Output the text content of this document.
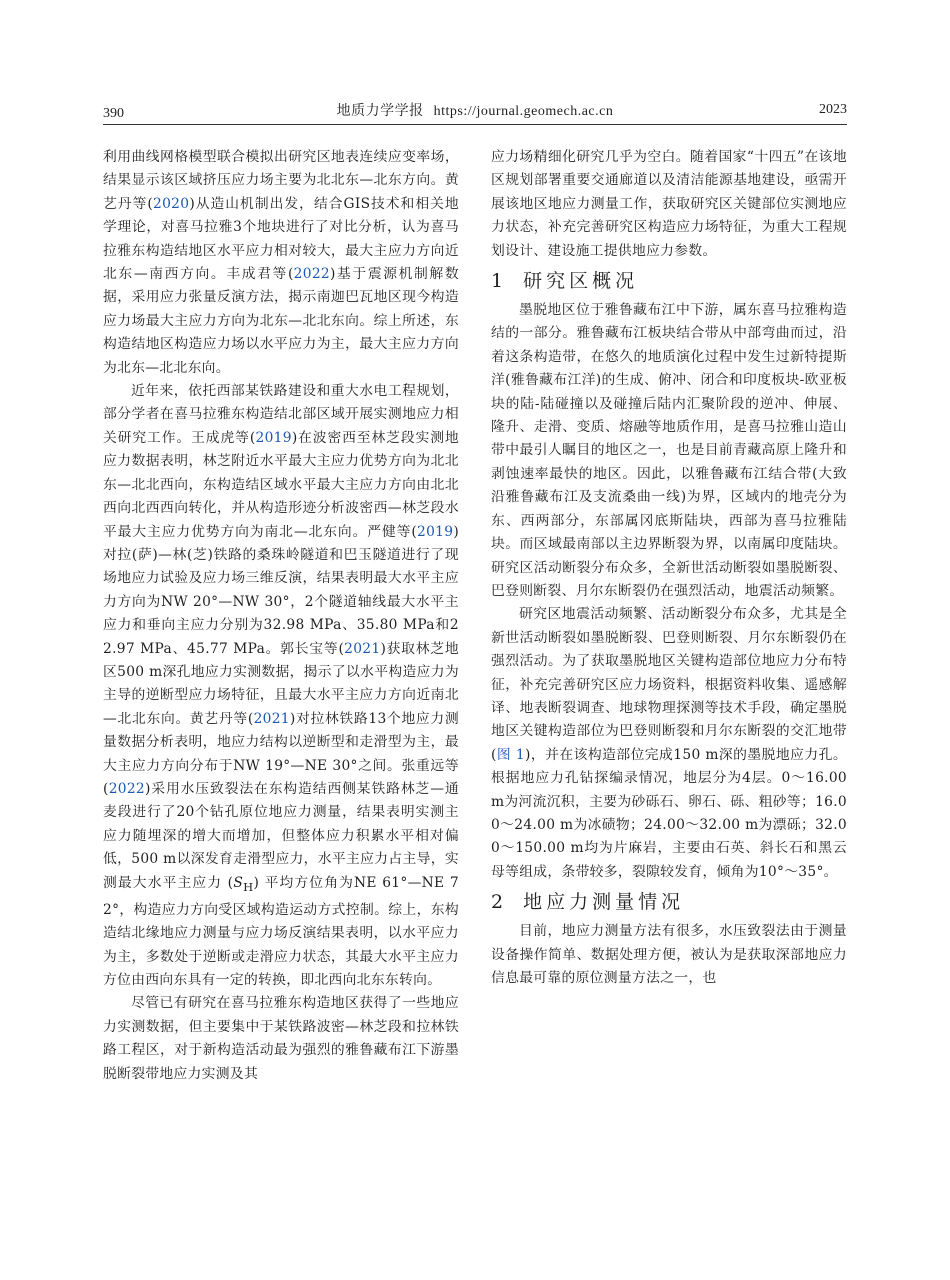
390	地质力学学报 https://journal.geomech.ac.cn	2023

利用曲线网格模型联合模拟出研究区地表连续应变率场，结果显示该区域挤压应力场主要为北北东—北东方向。黄艺丹等(2020)从造山机制出发，结合GIS技术和相关地学理论，对喜马拉雅3个地块进行了对比分析，认为喜马拉雅东构造结地区水平应力相对较大，最大主应力方向近北东—南西方向。丰成君等(2022)基于震源机制解数据，采用应力张量反演方法，揭示南迦巴瓦地区现今构造应力场最大主应力方向为北东—北北东向。综上所述，东构造结地区构造应力场以水平应力为主，最大主应力方向为北东—北北东向。

近年来，依托西部某铁路建设和重大水电工程规划，部分学者在喜马拉雅东构造结北部区域开展实测地应力相关研究工作。王成虎等(2019)在波密西至林芝段实测地应力数据表明，林芝附近水平最大主应力优势方向为北北东—北北西向，东构造结区域水平最大主应力方向由北北西向北西西向转化，并从构造形迹分析波密西—林芝段水平最大主应力优势方向为南北—北东向。严健等(2019)对拉(萨)—林(芝)铁路的桑珠岭隧道和巴玉隧道进行了现场地应力试验及应力场三维反演，结果表明最大水平主应力方向为NW 20°—NW 30°，2个隧道轴线最大水平主应力和垂向主应力分别为32.98 MPa、35.80 MPa和22.97 MPa、45.77 MPa。郭长宝等(2021)获取林芝地区500 m深孔地应力实测数据，揭示了以水平构造应力为主导的逆断型应力场特征，且最大水平主应力方向近南北—北北东向。黄艺丹等(2021)对拉林铁路13个地应力测量数据分析表明，地应力结构以逆断型和走滑型为主，最大主应力方向分布于NW 19°—NE 30°之间。张重远等(2022)采用水压致裂法在东构造结西侧某铁路林芝—通麦段进行了20个钻孔原位地应力测量，结果表明实测主应力随埋深的增大而增加，但整体应力积累水平相对偏低，500 m以深发育走滑型应力，水平主应力占主导，实测最大水平主应力 $(S_H)$ 平均方位角为NE 61°—NE 72°，构造应力方向受区域构造运动方式控制。综上，东构造结北缘地应力测量与应力场反演结果表明，以水平应力为主，多数处于逆断或走滑应力状态，其最大水平主应力方位由西向东具有一定的转换，即北西向北东东转向。

尽管已有研究在喜马拉雅东构造地区获得了一些地应力实测数据，但主要集中于某铁路波密—林芝段和拉林铁路工程区，对于新构造活动最为强烈的雅鲁藏布江下游墨脱断裂带地应力实测及其

应力场精细化研究几乎为空白。随着国家“十四五”在该地区规划部署重要交通廊道以及清洁能源基地建设，亟需开展该地区地应力测量工作，获取研究区关键部位实测地应力状态，补充完善研究区构造应力场特征，为重大工程规划设计、建设施工提供地应力参数。

1 研究区概况

墨脱地区位于雅鲁藏布江中下游，属东喜马拉雅构造结的一部分。雅鲁藏布江板块结合带从中部弯曲而过，沿着这条构造带，在悠久的地质演化过程中发生过新特提斯洋(雅鲁藏布江洋)的生成、俯冲、闭合和印度板块-欧亚板块的陆-陆碰撞以及碰撞后陆内汇聚阶段的逆冲、伸展、隆升、走滑、变质、熔融等地质作用，是喜马拉雅山造山带中最引人瞩目的地区之一，也是目前青藏高原上隆升和剥蚀速率最快的地区。因此，以雅鲁藏布江结合带(大致沿雅鲁藏布江及支流桑曲一线)为界，区域内的地壳分为东、西两部分，东部属冈底斯陆块，西部为喜马拉雅陆块。而区域最南部以主边界断裂为界，以南属印度陆块。研究区活动断裂分布众多，全新世活动断裂如墨脱断裂、巴登则断裂、月尔东断裂仍在强烈活动，地震活动频繁。

研究区地震活动频繁、活动断裂分布众多，尤其是全新世活动断裂如墨脱断裂、巴登则断裂、月尔东断裂仍在强烈活动。为了获取墨脱地区关键构造部位地应力分布特征，补充完善研究区应力场资料，根据资料收集、遥感解译、地表断裂调查、地球物理探测等技术手段，确定墨脱地区关键构造部位为巴登则断裂和月尔东断裂的交汇地带(图 1)，并在该构造部位完成150 m深的墨脱地应力孔。根据地应力孔钻探编录情况，地层分为4层。0～16.00 m为河流沉积，主要为砂砾石、卵石、砾、粗砂等；16.00～24.00 m为冰碛物；24.00～32.00 m为漂砾；32.00～150.00 m均为片麻岩，主要由石英、斜长石和黑云母等组成，条带较多，裂隙较发育，倾角为10°～35°。

2 地应力测量情况

目前，地应力测量方法有很多，水压致裂法由于测量设备操作简单、数据处理方便，被认为是获取深部地应力信息最可靠的原位测量方法之一，也
